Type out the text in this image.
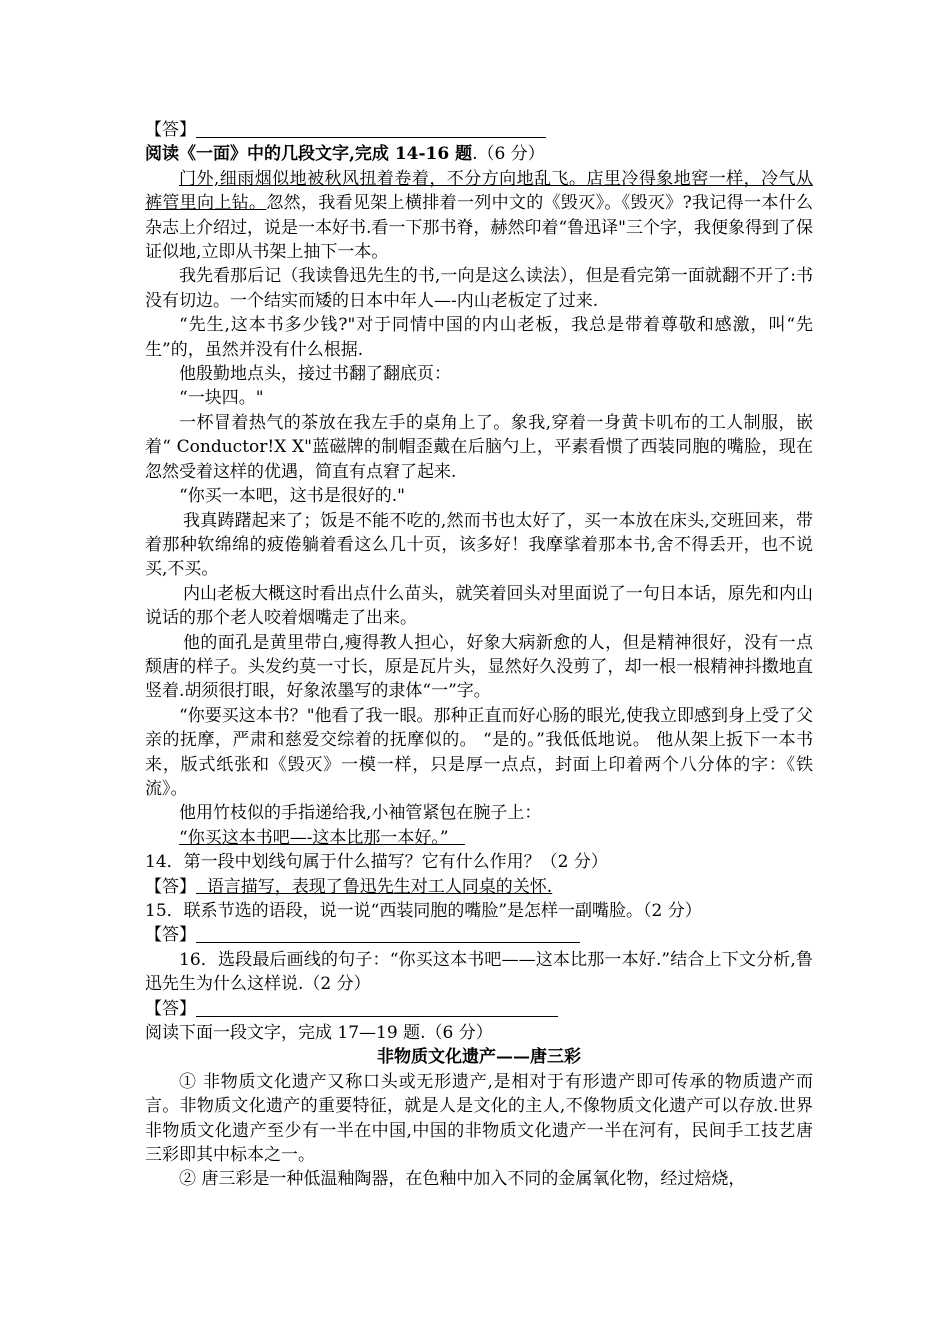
【答】

阅读《一面》中的几段文字,完成 14-16 题.（6 分）

门外,细雨烟似地被秋风扭着卷着，不分方向地乱飞。店里冷得象地窖一样，冷气从裤管里向上钻。忽然，我看见架上横排着一列中文的《毁灭》。《毁灭》?我记得一本什么杂志上介绍过，说是一本好书.看一下那书脊，赫然印着“鲁迅译"三个字，我便象得到了保证似地,立即从书架上抽下一本。

我先看那后记（我读鲁迅先生的书,一向是这么读法），但是看完第一面就翻不开了:书没有切边。一个结实而矮的日本中年人—-内山老板定了过来.

“先生,这本书多少钱?"对于同情中国的内山老板，我总是带着尊敬和感激，叫“先生”的，虽然并没有什么根据.

他殷勤地点头，接过书翻了翻底页：

“一块四。"

一杯冒着热气的茶放在我左手的桌角上了。象我,穿着一身黄卡叽布的工人制服，嵌着“ Conductor!X X"蓝磁牌的制帽歪戴在后脑勺上，平素看惯了西装同胞的嘴脸，现在忽然受着这样的优遇，简直有点窘了起来.

“你买一本吧，这书是很好的."

我真踌躇起来了；饭是不能不吃的,然而书也太好了，买一本放在床头,交班回来，带着那种软绵绵的疲倦躺着看这么几十页，该多好！我摩挲着那本书,舍不得丢开，也不说买,不买。

内山老板大概这时看出点什么苗头，就笑着回头对里面说了一句日本话，原先和内山说话的那个老人咬着烟嘴走了出来。

他的面孔是黄里带白,瘦得教人担心，好象大病新愈的人，但是精神很好，没有一点颓唐的样子。头发约莫一寸长，原是瓦片头，显然好久没剪了，却一根一根精神抖擞地直竖着.胡须很打眼，好象浓墨写的隶体“一”字。

“你要买这本书？"他看了我一眼。那种正直而好心肠的眼光,使我立即感到身上受了父亲的抚摩，严肃和慈爱交综着的抚摩似的。 “是的。”我低低地说。 他从架上扳下一本书来，版式纸张和《毁灭》一模一样，只是厚一点点，封面上印着两个八分体的字：《铁流》。

他用竹枝似的手指递给我,小袖管紧包在腕子上：

“你买这本书吧—-这本比那一本好。”

14．第一段中划线句属于什么描写？它有什么作用？（2 分）

【答】 语言描写，表现了鲁迅先生对工人同桌的关怀.

15．联系节选的语段，说一说“西装同胞的嘴脸”是怎样一副嘴脸。（2 分）

【答】

16．选段最后画线的句子：“你买这本书吧——这本比那一本好.”结合上下文分析,鲁迅先生为什么这样说.（2 分）

【答】

阅读下面一段文字，完成 17—19 题.（6 分）

非物质文化遗产——唐三彩

① 非物质文化遗产又称口头或无形遗产,是相对于有形遗产即可传承的物质遗产而言。非物质文化遗产的重要特征，就是人是文化的主人,不像物质文化遗产可以存放.世界非物质文化遗产至少有一半在中国,中国的非物质文化遗产一半在河有，民间手工技艺唐三彩即其中标本之一。

② 唐三彩是一种低温釉陶器，在色釉中加入不同的金属氧化物，经过焙烧，
